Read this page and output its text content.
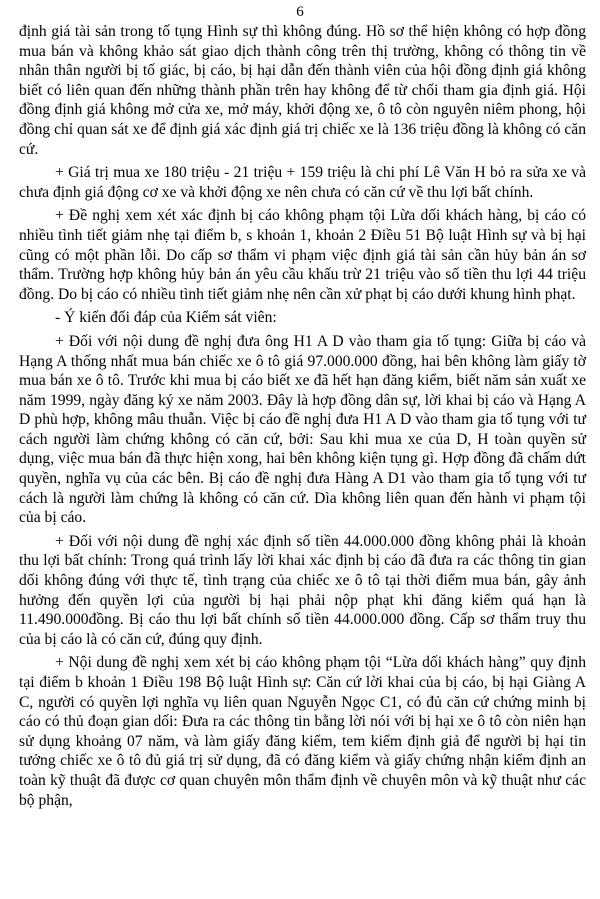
6

định giá tài sản trong tố tụng Hình sự thì không đúng. Hồ sơ thể hiện không có hợp đồng mua bán và không khảo sát giao dịch thành công trên thị trường, không có thông tin về nhân thân người bị tố giác, bị cáo, bị hại dẫn đến thành viên của hội đồng định giá không biết có liên quan đến những thành phần trên hay không để từ chối tham gia định giá. Hội đồng định giá không mở cửa xe, mở máy, khởi động xe, ô tô còn nguyên niêm phong, hội đồng chỉ quan sát xe để định giá xác định giá trị chiếc xe là 136 triệu đồng là không có căn cứ.

+ Giá trị mua xe 180 triệu - 21 triệu + 159 triệu là chi phí Lê Văn H bỏ ra sửa xe và chưa định giá động cơ xe và khởi động xe nên chưa có căn cứ về thu lợi bất chính.

+ Đề nghị xem xét xác định bị cáo không phạm tội Lừa dối khách hàng, bị cáo có nhiều tình tiết giảm nhẹ tại điểm b, s khoản 1, khoản 2 Điều 51 Bộ luật Hình sự và bị hại cũng có một phần lỗi. Do cấp sơ thẩm vi phạm việc định giá tài sản cần hủy bản án sơ thẩm. Trường hợp không hủy bản án yêu cầu khấu trừ 21 triệu vào số tiền thu lợi 44 triệu đồng. Do bị cáo có nhiều tình tiết giảm nhẹ nên cần xử phạt bị cáo dưới khung hình phạt.

- Ý kiến đối đáp của Kiểm sát viên:

+ Đối với nội dung đề nghị đưa ông H1 A D vào tham gia tố tụng: Giữa bị cáo và Hạng A thống nhất mua bán chiếc xe ô tô giá 97.000.000 đồng, hai bên không làm giấy tờ mua bán xe ô tô. Trước khi mua bị cáo biết xe đã hết hạn đăng kiểm, biết năm sản xuất xe năm 1999, ngày đăng ký xe năm 2003. Đây là hợp đồng dân sự, lời khai bị cáo và Hạng A D phù hợp, không mâu thuẫn. Việc bị cáo đề nghị đưa H1 A D vào tham gia tố tụng với tư cách người làm chứng không có căn cứ, bởi: Sau khi mua xe của D, H toàn quyền sử dụng, việc mua bán đã thực hiện xong, hai bên không kiện tụng gì. Hợp đồng đã chấm dứt quyền, nghĩa vụ của các bên. Bị cáo đề nghị đưa Hàng A D1 vào tham gia tố tụng với tư cách là người làm chứng là không có căn cứ. Dìa không liên quan đến hành vi phạm tội của bị cáo.

+ Đối với nội dung đề nghị xác định số tiền 44.000.000 đồng không phải là khoản thu lợi bất chính: Trong quá trình lấy lời khai xác định bị cáo đã đưa ra các thông tin gian dối không đúng với thực tế, tình trạng của chiếc xe ô tô tại thời điểm mua bán, gây ảnh hưởng đến quyền lợi của người bị hại phải nộp phạt khi đăng kiểm quá hạn là 11.490.000đồng. Bị cáo thu lợi bất chính số tiền 44.000.000 đồng. Cấp sơ thẩm truy thu của bị cáo là có căn cứ, đúng quy định.

+ Nội dung đề nghị xem xét bị cáo không phạm tội “Lừa dối khách hàng” quy định tại điểm b khoản 1 Điều 198 Bộ luật Hình sự: Căn cứ lời khai của bị cáo, bị hại Giàng A C, người có quyền lợi nghĩa vụ liên quan Nguyễn Ngọc C1, có đủ căn cứ chứng minh bị cáo có thủ đoạn gian dối: Đưa ra các thông tin bằng lời nói với bị hại xe ô tô còn niên hạn sử dụng khoảng 07 năm, và làm giấy đăng kiểm, tem kiểm định giả để người bị hại tin tưởng chiếc xe ô tô đủ giá trị sử dụng, đã có đăng kiểm và giấy chứng nhận kiểm định an toàn kỹ thuật đã được cơ quan chuyên môn thẩm định về chuyên môn và kỹ thuật như các bộ phận,
